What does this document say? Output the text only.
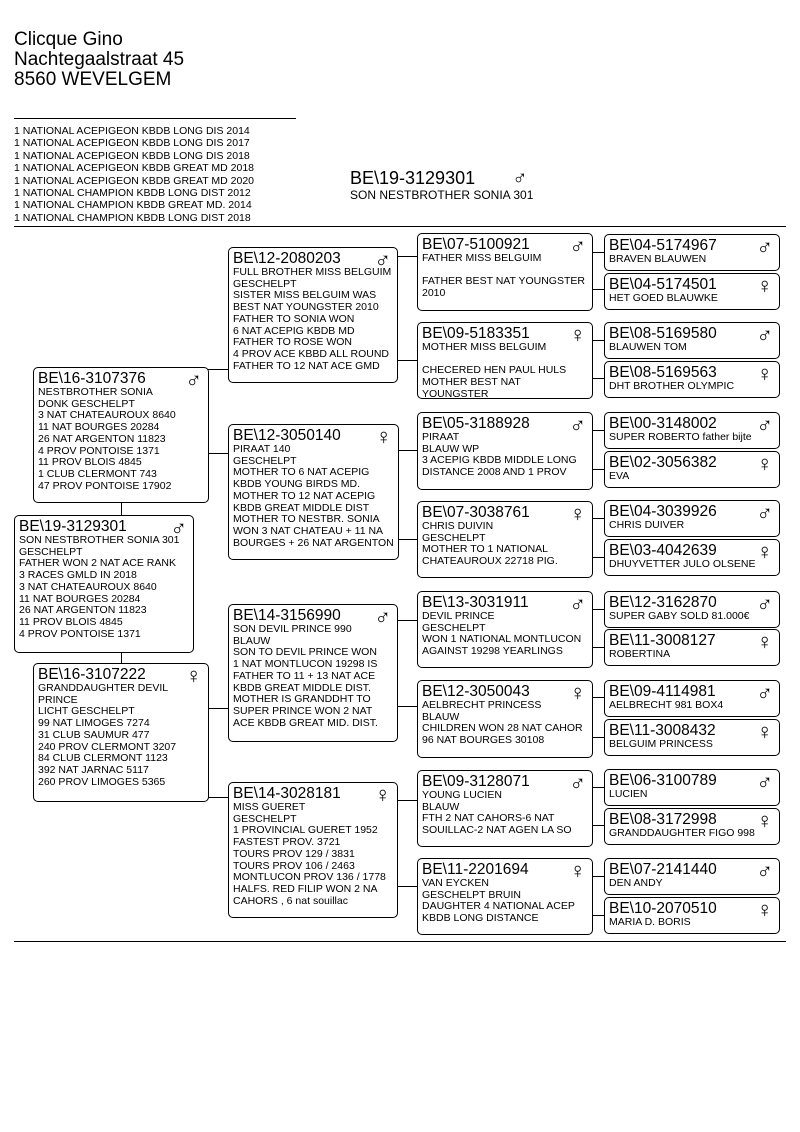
Clicque Gino
Nachtegaalstraat 45
8560 WEVELGEM
1 NATIONAL ACEPIGEON KBDB LONG DIS 2014
1 NATIONAL ACEPIGEON KBDB LONG DIS 2017
1 NATIONAL ACEPIGEON KBDB LONG DIS 2018
1 NATIONAL ACEPIGEON KBDB GREAT MD 2018
1 NATIONAL ACEPIGEON KBDB GREAT MD 2020
1 NATIONAL CHAMPION KBDB LONG DIST 2012
1 NATIONAL CHAMPION KBDB GREAT MD. 2014
1 NATIONAL CHAMPION KBDB LONG DIST 2018
BE\19-3129301	♂
SON NESTBROTHER SONIA 301
BE\19-3129301	♂
SON NESTBROTHER SONIA 301
GESCHELPT
FATHER WON 2 NAT ACE RANK
3 RACES GMLD IN 2018
3 NAT CHATEAUROUX 8640
11 NAT BOURGES 20284
26 NAT ARGENTON 11823
11 PROV BLOIS 4845
4 PROV PONTOISE 1371
BE\16-3107376	♂
NESTBROTHER SONIA
DONK GESCHELPT
3 NAT CHATEAUROUX 8640
11 NAT BOURGES 20284
26 NAT ARGENTON 11823
4 PROV PONTOISE 1371
11 PROV BLOIS 4845
1 CLUB CLERMONT 743
47 PROV PONTOISE 17902
BE\16-3107222	♀
GRANDDAUGHTER DEVIL PRINCE
LICHT GESCHELPT
99 NAT LIMOGES 7274
31 CLUB SAUMUR 477
240 PROV CLERMONT 3207
84 CLUB CLERMONT 1123
392 NAT JARNAC 5117
260 PROV LIMOGES 5365
BE\12-2080203	♂
FULL BROTHER MISS BELGUIM
GESCHELPT
SISTER MISS BELGUIM WAS
BEST NAT YOUNGSTER 2010
FATHER TO SONIA WON
6 NAT ACEPIG KBDB MD
FATHER TO ROSE WON
4 PROV ACE KBBD ALL ROUND
FATHER TO 12 NAT ACE GMD
BE\12-3050140	♀
PIRAAT 140
GESCHELPT
MOTHER TO 6 NAT ACEPIG
KBDB YOUNG BIRDS MD.
MOTHER TO 12 NAT ACEPIG
KBDB GREAT MIDDLE DIST
MOTHER TO NESTBR. SONIA
WON 3 NAT CHATEAU + 11 NA
BOURGES + 26 NAT ARGENTON
BE\14-3156990	♂
SON DEVIL PRINCE 990
BLAUW
SON TO DEVIL PRINCE WON
1 NAT MONTLUCON 19298 IS
FATHER TO 11 + 13 NAT ACE
KBDB GREAT MIDDLE DIST.
MOTHER IS GRANDDHT TO
SUPER PRINCE WON 2 NAT
ACE KBDB GREAT MID. DIST.
BE\14-3028181	♀
MISS GUERET
GESCHELPT
1 PROVINCIAL GUERET 1952
FASTEST PROV. 3721
TOURS PROV 129 / 3831
TOURS PROV 106 / 2463
MONTLUCON PROV 136 / 1778
HALFS. RED FILIP WON 2 NA
CAHORS , 6 nat souillac
BE\07-5100921	♂
FATHER MISS BELGUIM

FATHER BEST NAT YOUNGSTER
2010
BE\09-5183351	♀
MOTHER MISS BELGUIM

CHECERED HEN PAUL HULS
MOTHER BEST NAT YOUNGSTER
BE\05-3188928	♂
PIRAAT
BLAUW WP
3 ACEPIG KBDB MIDDLE LONG
DISTANCE 2008 AND 1 PROV
BE\07-3038761	♀
CHRIS DUIVIN
GESCHELPT
MOTHER TO 1 NATIONAL
CHATEAUROUX 22718 PIG.
BE\13-3031911	♂
DEVIL PRINCE
GESCHELPT
WON 1 NATIONAL MONTLUCON
AGAINST 19298 YEARLINGS
BE\12-3050043	♀
AELBRECHT PRINCESS
BLAUW
CHILDREN WON 28 NAT CAHOR
96 NAT BOURGES 30108
BE\09-3128071	♂
YOUNG LUCIEN
BLAUW
FTH 2 NAT CAHORS-6 NAT
SOUILLAC-2 NAT AGEN LA SO
BE\11-2201694	♀
VAN EYCKEN
GESCHELPT BRUIN
DAUGHTER 4 NATIONAL ACEP
KBDB LONG DISTANCE
BE\04-5174967	♂
BRAVEN BLAUWEN
BE\04-5174501	♀
HET GOED BLAUWKE
BE\08-5169580	♂
BLAUWEN TOM
BE\08-5169563	♀
DHT BROTHER OLYMPIC
BE\00-3148002	♂
SUPER ROBERTO father bijte
BE\02-3056382	♀
EVA
BE\04-3039926	♂
CHRIS DUIVER
BE\03-4042639	♀
DHUYVETTER JULO OLSENE
BE\12-3162870	♂
SUPER GABY SOLD 81.000€
BE\11-3008127	♀
ROBERTINA
BE\09-4114981	♂
AELBRECHT 981 BOX4
BE\11-3008432	♀
BELGUIM PRINCESS
BE\06-3100789	♂
LUCIEN
BE\08-3172998	♀
GRANDDAUGHTER FIGO 998
BE\07-2141440	♂
DEN ANDY
BE\10-2070510	♀
MARIA D. BORIS
